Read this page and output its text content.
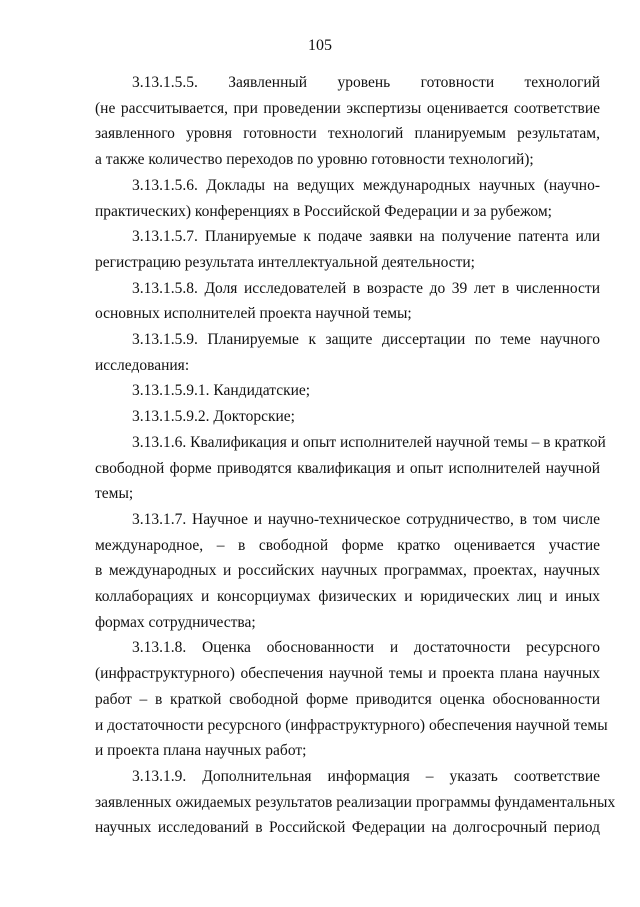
105

3.13.1.5.5. Заявленный уровень готовности технологий
(не рассчитывается, при проведении экспертизы оценивается соответствие
заявленного уровня готовности технологий планируемым результатам,
а также количество переходов по уровню готовности технологий);

3.13.1.5.6. Доклады на ведущих международных научных (научно-
практических) конференциях в Российской Федерации и за рубежом;

3.13.1.5.7. Планируемые к подаче заявки на получение патента или
регистрацию результата интеллектуальной деятельности;

3.13.1.5.8. Доля исследователей в возрасте до 39 лет в численности
основных исполнителей проекта научной темы;

3.13.1.5.9. Планируемые к защите диссертации по теме научного
исследования:

3.13.1.5.9.1. Кандидатские;

3.13.1.5.9.2. Докторские;

3.13.1.6. Квалификация и опыт исполнителей научной темы – в краткой
свободной форме приводятся квалификация и опыт исполнителей научной
темы;

3.13.1.7. Научное и научно-техническое сотрудничество, в том числе
международное, – в свободной форме кратко оценивается участие
в международных и российских научных программах, проектах, научных
коллаборациях и консорциумах физических и юридических лиц и иных
формах сотрудничества;

3.13.1.8. Оценка обоснованности и достаточности ресурсного
(инфраструктурного) обеспечения научной темы и проекта плана научных
работ – в краткой свободной форме приводится оценка обоснованности
и достаточности ресурсного (инфраструктурного) обеспечения научной темы
и проекта плана научных работ;

3.13.1.9. Дополнительная информация – указать соответствие
заявленных ожидаемых результатов реализации программы фундаментальных
научных исследований в Российской Федерации на долгосрочный период
